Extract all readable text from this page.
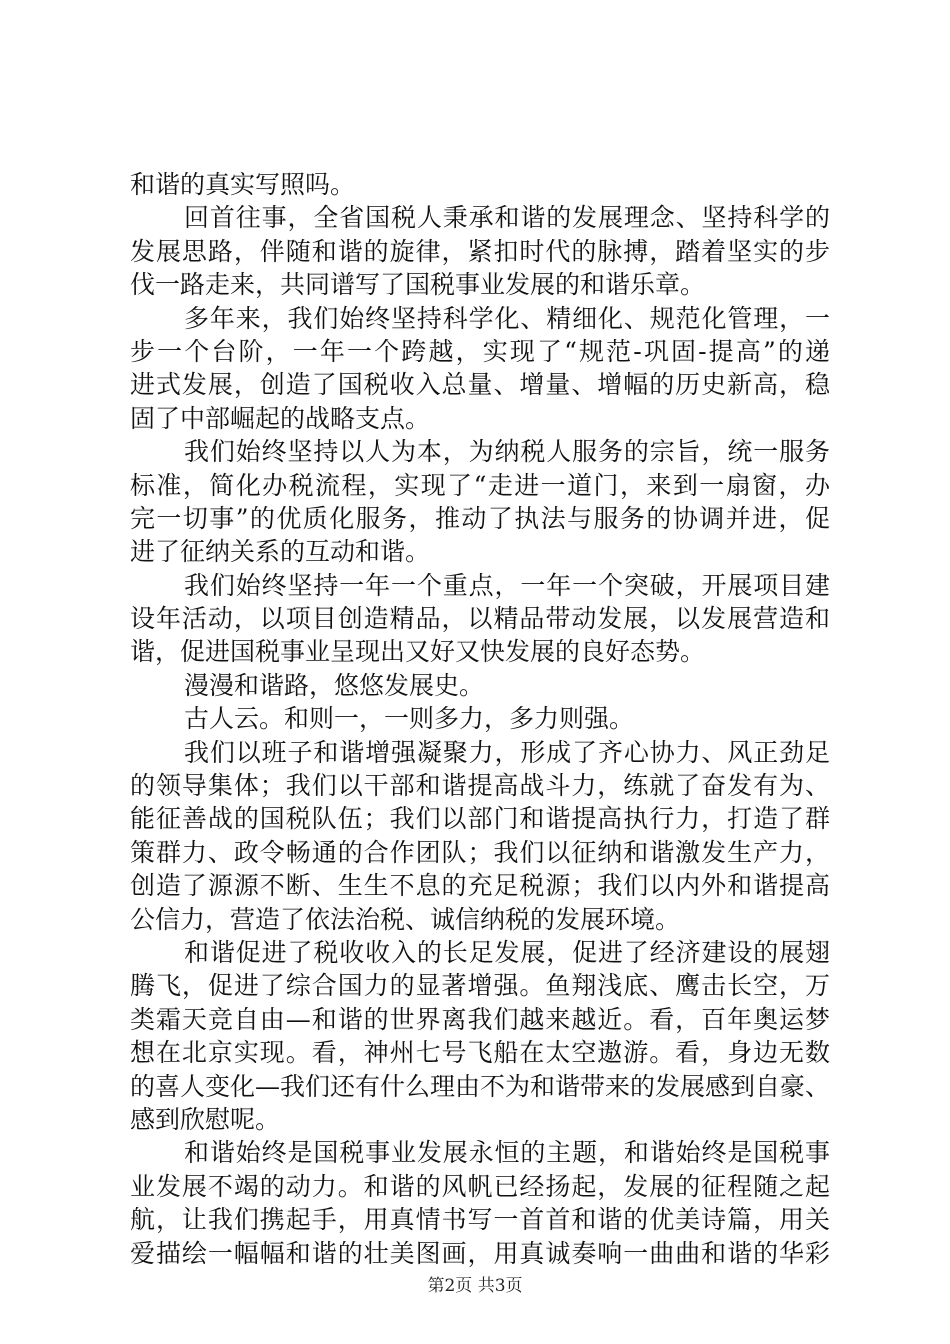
和谐的真实写照吗。
回首往事，全省国税人秉承和谐的发展理念、坚持科学的
发展思路，伴随和谐的旋律，紧扣时代的脉搏，踏着坚实的步
伐一路走来，共同谱写了国税事业发展的和谐乐章。
多年来，我们始终坚持科学化、精细化、规范化管理，一
步一个台阶，一年一个跨越，实现了“规范-巩固-提高”的递
进式发展，创造了国税收入总量、增量、增幅的历史新高，稳
固了中部崛起的战略支点。
我们始终坚持以人为本，为纳税人服务的宗旨，统一服务
标准，简化办税流程，实现了“走进一道门，来到一扇窗，办
完一切事”的优质化服务，推动了执法与服务的协调并进，促
进了征纳关系的互动和谐。
我们始终坚持一年一个重点，一年一个突破，开展项目建
设年活动，以项目创造精品，以精品带动发展，以发展营造和
谐，促进国税事业呈现出又好又快发展的良好态势。
漫漫和谐路，悠悠发展史。
古人云。和则一，一则多力，多力则强。
我们以班子和谐增强凝聚力，形成了齐心协力、风正劲足
的领导集体；我们以干部和谐提高战斗力，练就了奋发有为、
能征善战的国税队伍；我们以部门和谐提高执行力，打造了群
策群力、政令畅通的合作团队；我们以征纳和谐激发生产力，
创造了源源不断、生生不息的充足税源；我们以内外和谐提高
公信力，营造了依法治税、诚信纳税的发展环境。
和谐促进了税收收入的长足发展，促进了经济建设的展翅
腾飞，促进了综合国力的显著增强。鱼翔浅底、鹰击长空，万
类霜天竞自由—和谐的世界离我们越来越近。看，百年奥运梦
想在北京实现。看，神州七号飞船在太空遨游。看，身边无数
的喜人变化—我们还有什么理由不为和谐带来的发展感到自豪、
感到欣慰呢。
和谐始终是国税事业发展永恒的主题，和谐始终是国税事
业发展不竭的动力。和谐的风帆已经扬起，发展的征程随之起
航，让我们携起手，用真情书写一首首和谐的优美诗篇，用关
爱描绘一幅幅和谐的壮美图画，用真诚奏响一曲曲和谐的华彩
第2页 共3页
